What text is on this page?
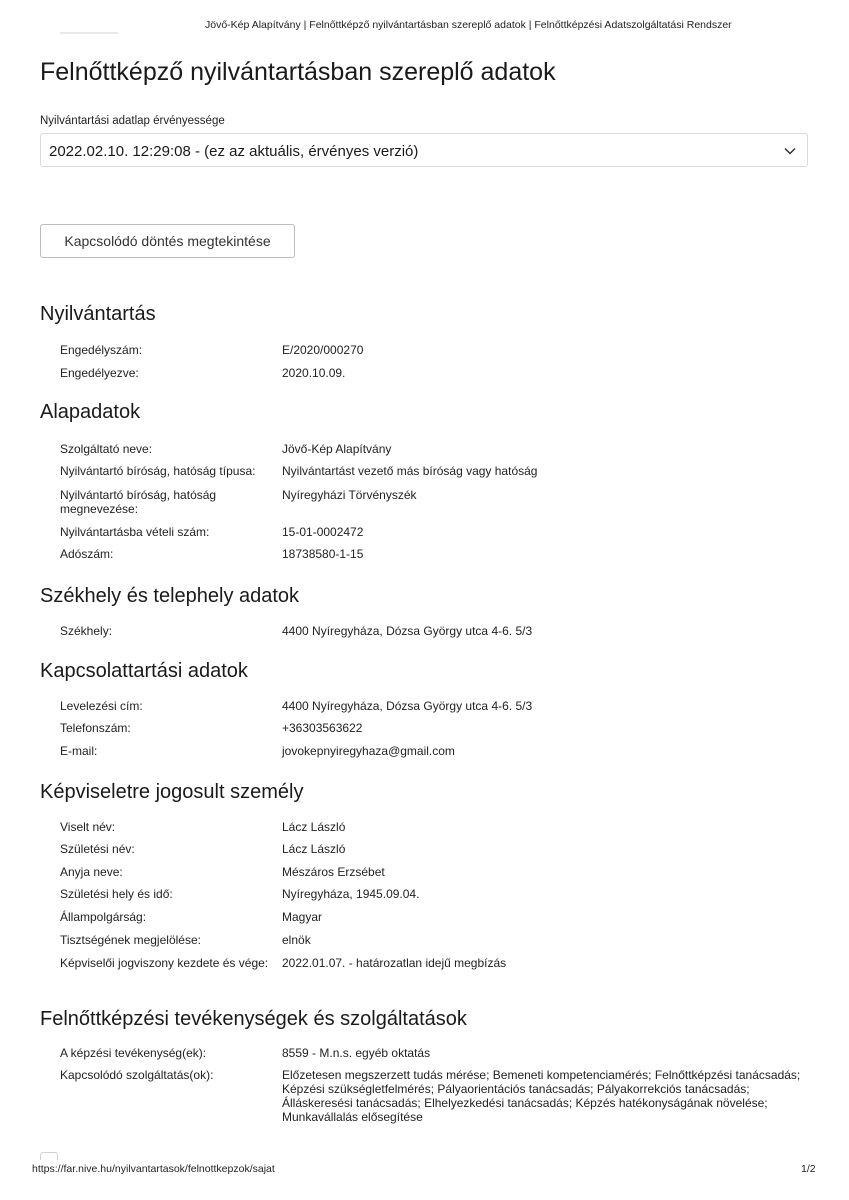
Jövő-Kép Alapítvány | Felnőttképző nyilvántartásban szereplő adatok | Felnőttképzési Adatszolgáltatási Rendszer
Felnőttképző nyilvántartásban szereplő adatok
Nyilvántartási adatlap érvényessége
2022.02.10. 12:29:08 - (ez az aktuális, érvényes verzió)
Kapcsolódó döntés megtekintése
Nyilvántartás
Engedélyszám:	E/2020/000270
Engedélyezve:	2020.10.09.
Alapadatok
Szolgáltató neve:	Jövő-Kép Alapítvány
Nyilvántartó bíróság, hatóság típusa:	Nyilvántartást vezető más bíróság vagy hatóság
Nyilvántartó bíróság, hatóság megnevezése:
Nyíregyházi Törvényszék
Nyilvántartásba vételi szám:	15-01-0002472
Adószám:	18738580-1-15
Székhely és telephely adatok
Székhely:	4400 Nyíregyháza, Dózsa György utca 4-6. 5/3
Kapcsolattartási adatok
Levelezési cím:	4400 Nyíregyháza, Dózsa György utca 4-6. 5/3
Telefonszám:	+36303563622
E-mail:	jovokepnyiregyhaza@gmail.com
Képviseletre jogosult személy
Viselt név:	Lácz László
Születési név:	Lácz László
Anyja neve:	Mészáros Erzsébet
Születési hely és idő:	Nyíregyháza, 1945.09.04.
Állampolgárság:	Magyar
Tisztségének megjelölése:	elnök
Képviselői jogviszony kezdete és vége:	2022.01.07. - határozatlan idejű megbízás
Felnőttképzési tevékenységek és szolgáltatások
A képzési tevékenység(ek):	8559 - M.n.s. egyéb oktatás
Kapcsolódó szolgáltatás(ok):	Előzetesen megszerzett tudás mérése; Bemeneti kompetenciamérés; Felnőttképzési tanácsadás; Képzési szükségletfelmérés; Pályaorientációs tanácsadás; Pályakorrekciós tanácsadás; Álláskeresési tanácsadás; Elhelyezkedési tanácsadás; Képzés hatékonyságának növelése; Munkavállalás elősegítése
https://far.nive.hu/nyilvantartasok/felnottkepzok/sajat	1/2
